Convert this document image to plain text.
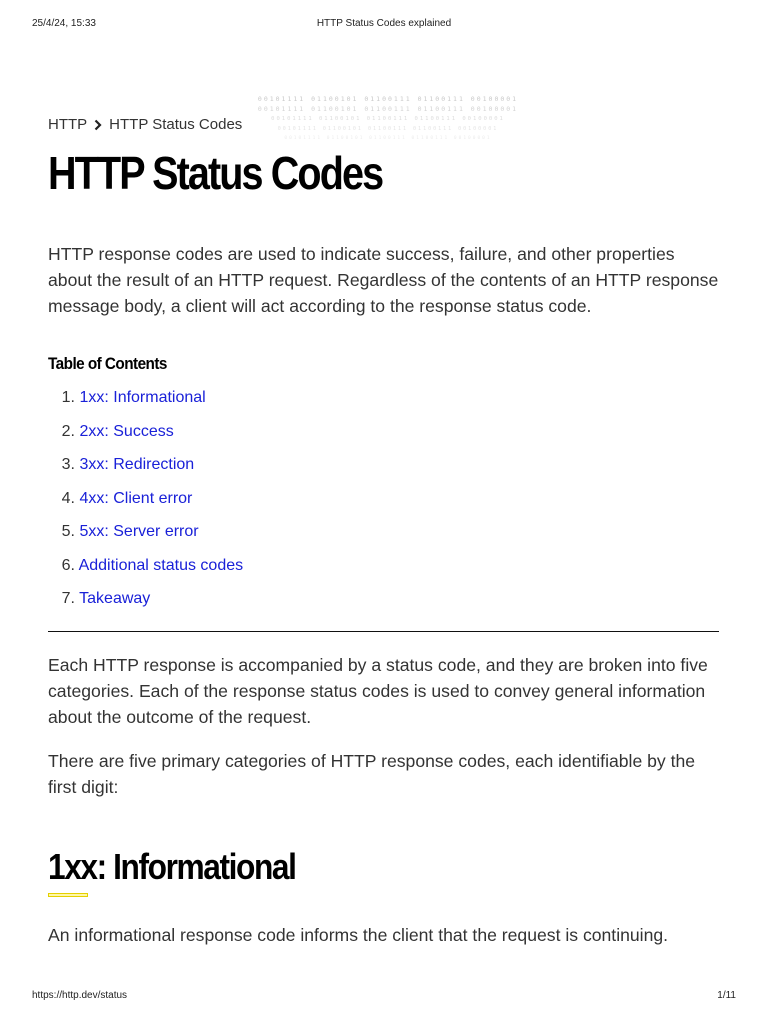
25/4/24, 15:33	HTTP Status Codes explained
00101111 01100101 01100111 01100111 00100001
00101111 01100101 01100111 01100111 00100001
00101111 01100101 01100111 01100111 00100001
00101111 01100101 01100111 01100111 00100001
00101111 01100101 01100111 01100111 00100001
HTTP HTTP Status Codes
HTTP Status Codes

HTTP response codes are used to indicate success, failure, and other properties about the result of an HTTP request. Regardless of the contents of an HTTP response message body, a client will act according to the response status code.

Table of Contents
1 . 1xx: Informational
2 . 2xx: Success
3 . 3xx: Redirection
4 . 4xx: Client error
5 . 5xx: Server error
6 . Additional status codes
7 . Takeaway

Each HTTP response is accompanied by a status code, and they are broken into five categories. Each of the response status codes is used to convey general information about the outcome of the request.

There are five primary categories of HTTP response codes, each identifiable by the first digit:

1xx: Informational

An informational response code informs the client that the request is continuing.

https://http.dev/status	1/11
